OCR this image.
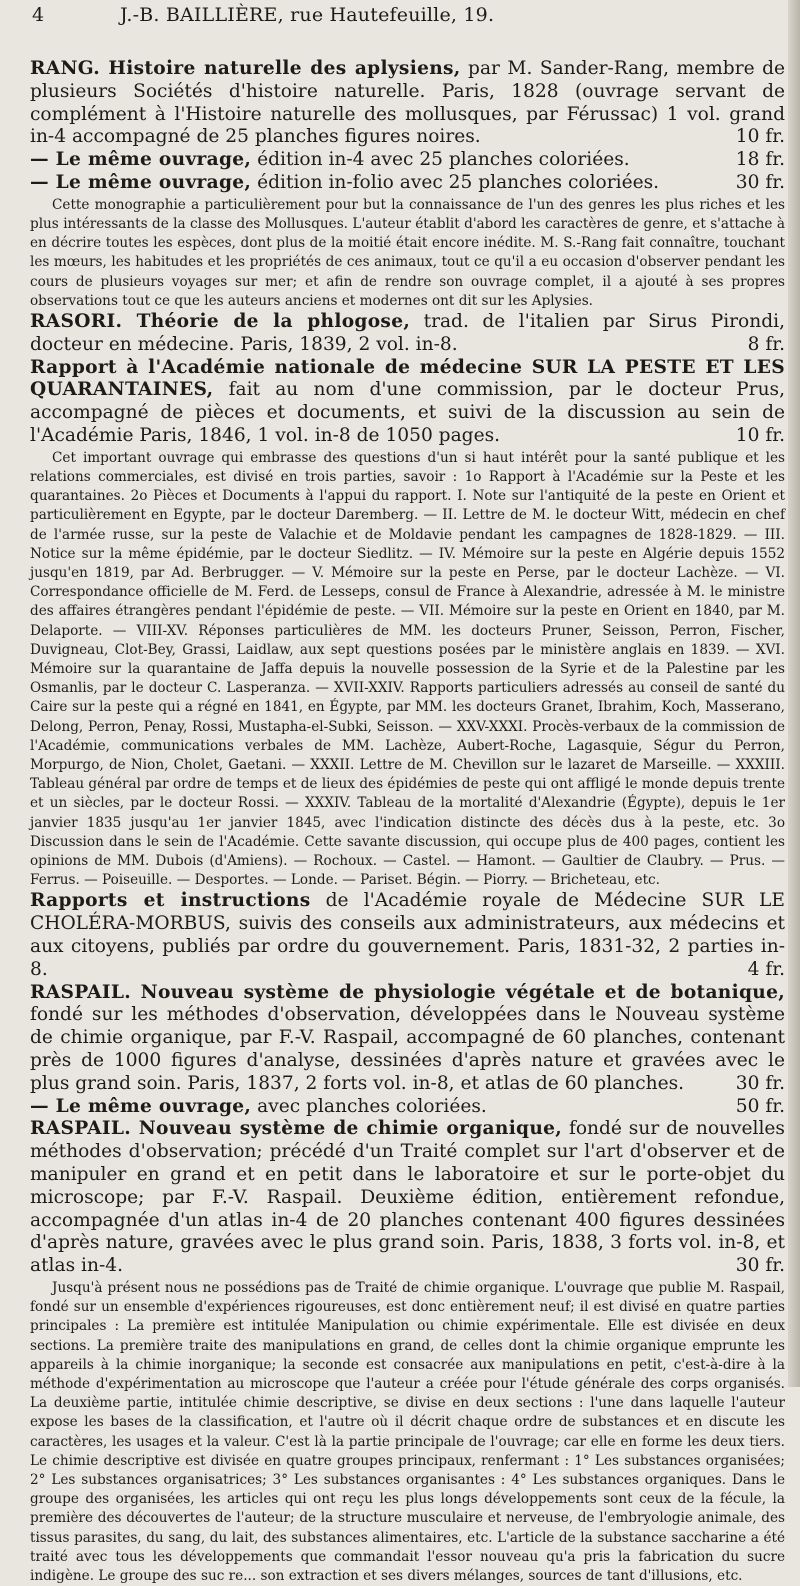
4	J.-B. BAILLIÈRE, rue Hautefeuille, 19.

RANG. Histoire naturelle des aplysiens, par M. Sander-Rang, membre de plusieurs Sociétés d'histoire naturelle. Paris, 1828 (ouvrage servant de complément à l'Histoire naturelle des mollusques, par Férussac) 1 vol. grand in-4 accompagné de 25 planches figures noires.	10 fr.

— Le même ouvrage, édition in-4 avec 25 planches coloriées.	18 fr.

— Le même ouvrage, édition in-folio avec 25 planches coloriées.	30 fr.

Cette monographie a particulièrement pour but la connaissance de l'un des genres les plus riches et les plus intéressants de la classe des Mollusques. L'auteur établit d'abord les caractères de genre, et s'attache à en décrire toutes les espèces, dont plus de la moitié était encore inédite. M. S.-Rang fait connaître, touchant les mœurs, les habitudes et les propriétés de ces animaux, tout ce qu'il a eu occasion d'observer pendant les cours de plusieurs voyages sur mer; et afin de rendre son ouvrage complet, il a ajouté à ses propres observations tout ce que les auteurs anciens et modernes ont dit sur les Aplysies.

RASORI. Théorie de la phlogose, trad. de l'italien par Sirus Pirondi, docteur en médecine. Paris, 1839, 2 vol. in-8.	8 fr.

Rapport à l'Académie nationale de médecine SUR LA PESTE ET LES QUARANTAINES, fait au nom d'une commission, par le docteur Prus, accompagné de pièces et documents, et suivi de la discussion au sein de l'Académie Paris, 1846, 1 vol. in-8 de 1050 pages.	10 fr.

Cet important ouvrage qui embrasse des questions d'un si haut intérêt pour la santé publique et les relations commerciales, est divisé en trois parties, savoir : 1o Rapport à l'Académie sur la Peste et les quarantaines. 2o Pièces et Documents à l'appui du rapport. I. Note sur l'antiquité de la peste en Orient et particulièrement en Egypte, par le docteur Daremberg. — II. Lettre de M. le docteur Witt, médecin en chef de l'armée russe, sur la peste de Valachie et de Moldavie pendant les campagnes de 1828-1829. — III. Notice sur la même épidémie, par le docteur Siedlitz. — IV. Mémoire sur la peste en Algérie depuis 1552 jusqu'en 1819, par Ad. Berbrugger. — V. Mémoire sur la peste en Perse, par le docteur Lachèze. — VI. Correspondance officielle de M. Ferd. de Lesseps, consul de France à Alexandrie, adressée à M. le ministre des affaires étrangères pendant l'épidémie de peste. — VII. Mémoire sur la peste en Orient en 1840, par M. Delaporte. — VIII-XV. Réponses particulières de MM. les docteurs Pruner, Seisson, Perron, Fischer, Duvigneau, Clot-Bey, Grassi, Laidlaw, aux sept questions posées par le ministère anglais en 1839. — XVI. Mémoire sur la quarantaine de Jaffa depuis la nouvelle possession de la Syrie et de la Palestine par les Osmanlis, par le docteur C. Lasperanza. — XVII-XXIV. Rapports particuliers adressés au conseil de santé du Caire sur la peste qui a régné en 1841, en Égypte, par MM. les docteurs Granet, Ibrahim, Koch, Masserano, Delong, Perron, Penay, Rossi, Mustapha-el-Subki, Seisson. — XXV-XXXI. Procès-verbaux de la commission de l'Académie, communications verbales de MM. Lachèze, Aubert-Roche, Lagasquie, Ségur du Perron, Morpurgo, de Nion, Cholet, Gaetani. — XXXII. Lettre de M. Chevillon sur le lazaret de Marseille. — XXXIII. Tableau général par ordre de temps et de lieux des épidémies de peste qui ont affligé le monde depuis trente et un siècles, par le docteur Rossi. — XXXIV. Tableau de la mortalité d'Alexandrie (Égypte), depuis le 1er janvier 1835 jusqu'au 1er janvier 1845, avec l'indication distincte des décès dus à la peste, etc. 3o Discussion dans le sein de l'Académie. Cette savante discussion, qui occupe plus de 400 pages, contient les opinions de MM. Dubois (d'Amiens). — Rochoux. — Castel. — Hamont. — Gaultier de Claubry. — Prus. — Ferrus. — Poiseuille. — Desportes. — Londe. — Pariset. Bégin. — Piorry. — Bricheteau, etc.

Rapports et instructions de l'Académie royale de Médecine SUR LE CHOLÉRA-MORBUS, suivis des conseils aux administrateurs, aux médecins et aux citoyens, publiés par ordre du gouvernement. Paris, 1831-32, 2 parties in-8.	4 fr.

RASPAIL. Nouveau système de physiologie végétale et de botanique, fondé sur les méthodes d'observation, développées dans le Nouveau système de chimie organique, par F.-V. Raspail, accompagné de 60 planches, contenant près de 1000 figures d'analyse, dessinées d'après nature et gravées avec le plus grand soin. Paris, 1837, 2 forts vol. in-8, et atlas de 60 planches.	30 fr.

— Le même ouvrage, avec planches coloriées.	50 fr.

RASPAIL. Nouveau système de chimie organique, fondé sur de nouvelles méthodes d'observation; précédé d'un Traité complet sur l'art d'observer et de manipuler en grand et en petit dans le laboratoire et sur le porte-objet du microscope; par F.-V. Raspail. Deuxième édition, entièrement refondue, accompagnée d'un atlas in-4 de 20 planches contenant 400 figures dessinées d'après nature, gravées avec le plus grand soin. Paris, 1838, 3 forts vol. in-8, et atlas in-4.	30 fr.

Jusqu'à présent nous ne possédions pas de Traité de chimie organique. L'ouvrage que publie M. Raspail, fondé sur un ensemble d'expériences rigoureuses, est donc entièrement neuf; il est divisé en quatre parties principales : La première est intitulée Manipulation ou chimie expérimentale. Elle est divisée en deux sections. La première traite des manipulations en grand, de celles dont la chimie organique emprunte les appareils à la chimie inorganique; la seconde est consacrée aux manipulations en petit, c'est-à-dire à la méthode d'expérimentation au microscope que l'auteur a créée pour l'étude générale des corps organisés. La deuxième partie, intitulée chimie descriptive, se divise en deux sections : l'une dans laquelle l'auteur expose les bases de la classification, et l'autre où il décrit chaque ordre de substances et en discute les caractères, les usages et la valeur. C'est là la partie principale de l'ouvrage; car elle en forme les deux tiers. Le chimie descriptive est divisée en quatre groupes principaux, renfermant : 1° Les substances organisées; 2° Les substances organisatrices; 3° Les substances organisantes : 4° Les substances organiques. Dans le groupe des organisées, les articles qui ont reçu les plus longs développements sont ceux de la fécule, la première des découvertes de l'auteur; de la structure musculaire et nerveuse, de l'embryologie animale, des tissus parasites, du sang, du lait, des substances alimentaires, etc. L'article de la substance saccharine a été traité avec tous les développements que commandait l'essor nouveau qu'a pris la fabrication du sucre indigène. Le groupe des suc re... son extraction et ses divers mélanges, sources de tant d'illusions, etc.
